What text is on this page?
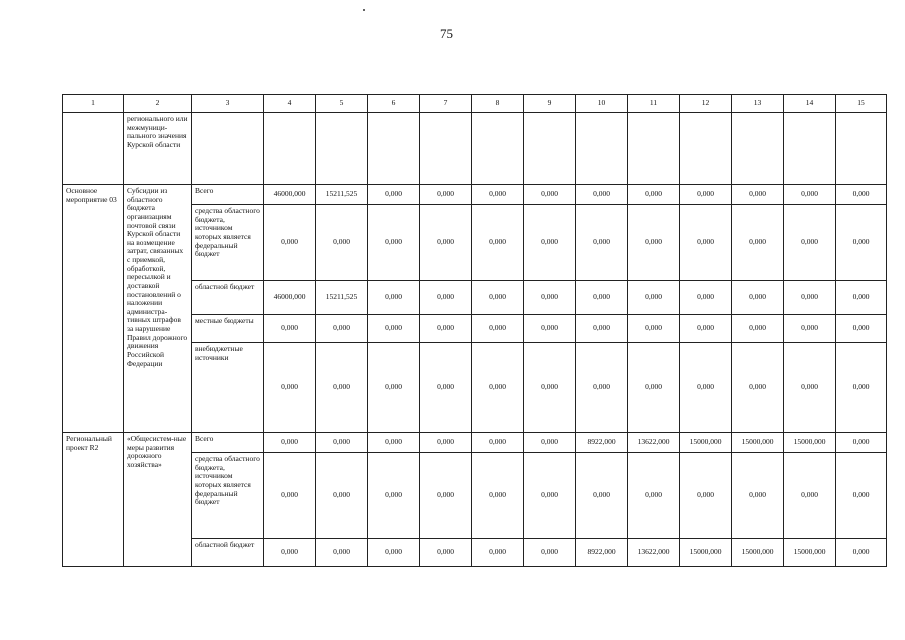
75
1	2	3	4	5	6	7	8	9	10	11	12	13	14	15
	регионального или межмуници-пального значения Курской области													
Основное мероприятие 03	Субсидии из областного бюджета организациям почтовой связи Курской области на возмещение затрат, связанных с приемкой, обработкой, пересылкой и доставкой постановлений о наложении администра-тивных штрафов за нарушение Правил дорожного движения Российской Федерации	Всего	46000,000	15211,525	0,000	0,000	0,000	0,000	0,000	0,000	0,000	0,000	0,000	0,000
		средства областного бюджета, источником которых является федеральный бюджет	0,000	0,000	0,000	0,000	0,000	0,000	0,000	0,000	0,000	0,000	0,000	0,000
		областной бюджет	46000,000	15211,525	0,000	0,000	0,000	0,000	0,000	0,000	0,000	0,000	0,000	0,000
		местные бюджеты	0,000	0,000	0,000	0,000	0,000	0,000	0,000	0,000	0,000	0,000	0,000	0,000
		внебюджетные источники	0,000	0,000	0,000	0,000	0,000	0,000	0,000	0,000	0,000	0,000	0,000	0,000
Региональный проект R2	«Общесистем-ные меры развития дорожного хозяйства»	Всего	0,000	0,000	0,000	0,000	0,000	0,000	8922,000	13622,000	15000,000	15000,000	15000,000	0,000
		средства областного бюджета, источником которых является федеральный бюджет	0,000	0,000	0,000	0,000	0,000	0,000	0,000	0,000	0,000	0,000	0,000	0,000
		областной бюджет	0,000	0,000	0,000	0,000	0,000	0,000	8922,000	13622,000	15000,000	15000,000	15000,000	0,000
